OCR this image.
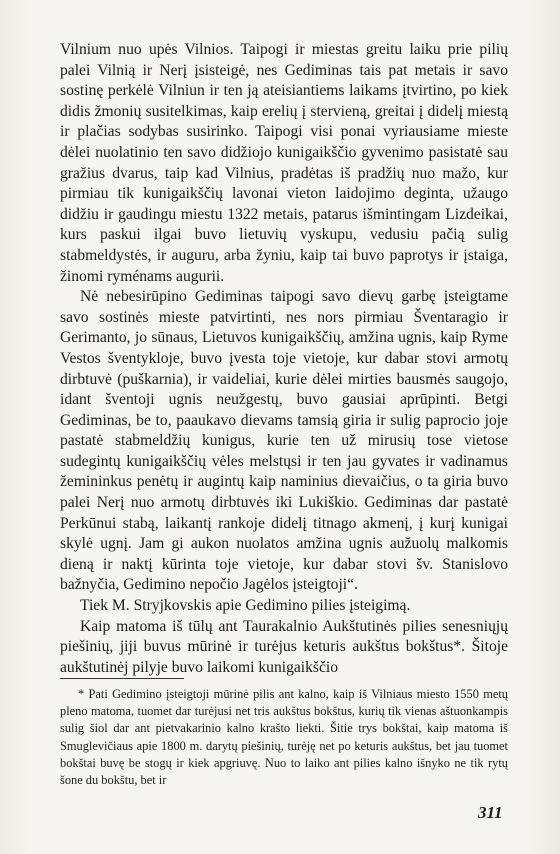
Vilnium nuo upės Vilnios. Taipogi ir miestas greitu laiku prie pilių palei Vilnią ir Nerį įsisteigė, nes Gediminas tais pat metais ir savo sostinę perkėlė Vilniun ir ten ją ateisiantiems laikams įtvirtino, po kiek didis žmonių susitelkimas, kaip erelių į stervieną, greitai į didelį miestą ir plačias sodybas susirinko. Taipogi visi ponai vyriausiame mieste dėlei nuolatinio ten savo didžiojo kunigaikščio gyvenimo pasistatė sau gražius dvarus, taip kad Vilnius, pradėtas iš pradžių nuo mažo, kur pirmiau tik kunigaikščių lavonai vieton laidojimo deginta, užaugo didžiu ir gaudingu miestu 1322 metais, patarus išmintingam Lizdeikai, kurs paskui ilgai buvo lietuvių vyskupu, vedusiu pačią sulig stabmeldystės, ir auguru, arba žyniu, kaip tai buvo paprotys ir įstaiga, žinomi ryménams augurii.

Nė nebesirūpino Gediminas taipogi savo dievų garbę įsteigtame savo sostinės mieste patvirtinti, nes nors pirmiau Šventaragio ir Gerimanto, jo sūnaus, Lietuvos kunigaikščių, amžina ugnis, kaip Ryme Vestos šventykloje, buvo įvesta toje vietoje, kur dabar stovi armotų dirbtuvė (puškarnia), ir vaideliai, kurie dėlei mirties bausmės saugojo, idant šventoji ugnis neužgestų, buvo gausiai aprūpinti. Betgi Gediminas, be to, paaukavo dievams tamsią giria ir sulig paprocio joje pastatė stabmeldžių kunigus, kurie ten už mirusių tose vietose sudegintų kunigaikščių vėles melstųsi ir ten jau gyvates ir vadinamus žemininkus penėtų ir augintų kaip naminius dievaičius, o ta giria buvo palei Nerį nuo armotų dirbtuvės iki Lukiškio. Gediminas dar pastatė Perkūnui stabą, laikantį rankoje didelį titnago akmenį, į kurį kunigai skylė ugnį. Jam gi aukon nuolatos amžina ugnis aužuolų malkomis dieną ir naktį kūrinta toje vietoje, kur dabar stovi šv. Stanislovo bažnyčia, Gedimino nepočio Jagėlos įsteigtoji“.

Tiek M. Stryjkovskis apie Gedimino pilies įsteigimą.

Kaip matoma iš tūlų ant Taurakalnio Aukštutinės pilies senesniųjų piešinių, jiji buvus mūrinė ir turėjus keturis aukštus bokštus*. Šitoje aukštutinėj pilyje buvo laikomi kunigaikščio

* Pati Gedimino įsteigtoji mūrinė pilis ant kalno, kaip iš Vilniaus miesto 1550 metų pleno matoma, tuomet dar turėjusi net tris aukštus bokštus, kurių tik vienas aštuonkampis sulig šiol dar ant pietvakarinio kalno krašto liekti. Šitie trys bokštai, kaip matoma iš Smuglevičiaus apie 1800 m. darytų piešinių, turėję net po keturis aukštus, bet jau tuomet bokštai buvę be stogų ir kiek apgriuvę. Nuo to laiko ant pilies kalno išnyko ne tik rytų šone du bokštu, bet ir

311
